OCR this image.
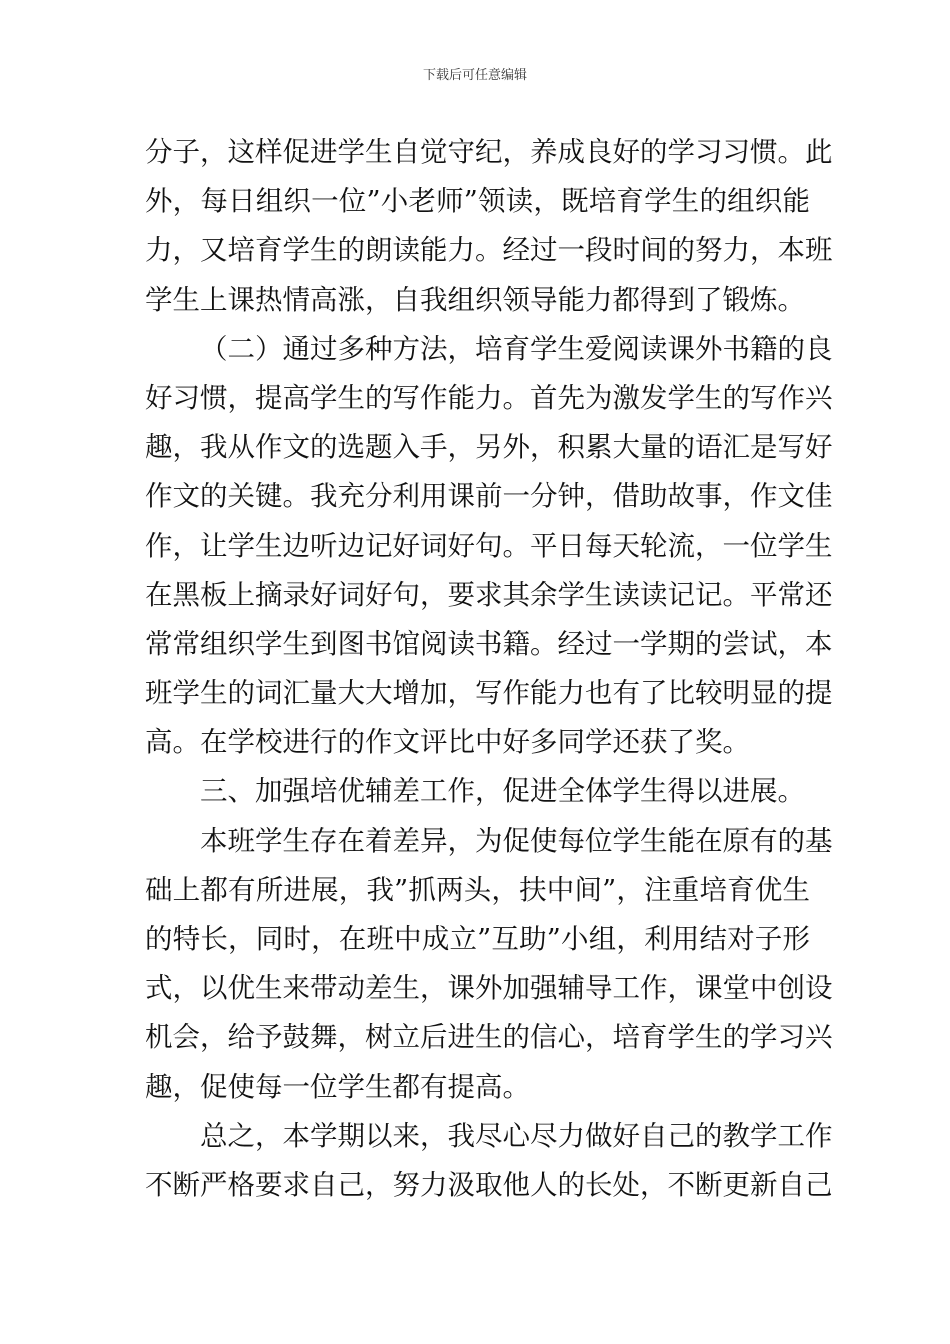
下载后可任意编辑
分子，这样促进学生自觉守纪，养成良好的学习习惯。此
外，每日组织一位”小老师”领读，既培育学生的组织能
力，又培育学生的朗读能力。经过一段时间的努力，本班
学生上课热情高涨，自我组织领导能力都得到了锻炼。
（二）通过多种方法，培育学生爱阅读课外书籍的良
好习惯，提高学生的写作能力。首先为激发学生的写作兴
趣，我从作文的选题入手，另外，积累大量的语汇是写好
作文的关键。我充分利用课前一分钟，借助故事，作文佳
作，让学生边听边记好词好句。平日每天轮流，一位学生
在黑板上摘录好词好句，要求其余学生读读记记。平常还
常常组织学生到图书馆阅读书籍。经过一学期的尝试，本
班学生的词汇量大大增加，写作能力也有了比较明显的提
高。在学校进行的作文评比中好多同学还获了奖。
三、加强培优辅差工作，促进全体学生得以进展。
本班学生存在着差异，为促使每位学生能在原有的基
础上都有所进展，我”抓两头，扶中间”，注重培育优生
的特长，同时，在班中成立”互助”小组，利用结对子形
式，以优生来带动差生，课外加强辅导工作，课堂中创设
机会，给予鼓舞，树立后进生的信心，培育学生的学习兴
趣，促使每一位学生都有提高。
总之，本学期以来，我尽心尽力做好自己的教学工作
不断严格要求自己，努力汲取他人的长处，不断更新自己
